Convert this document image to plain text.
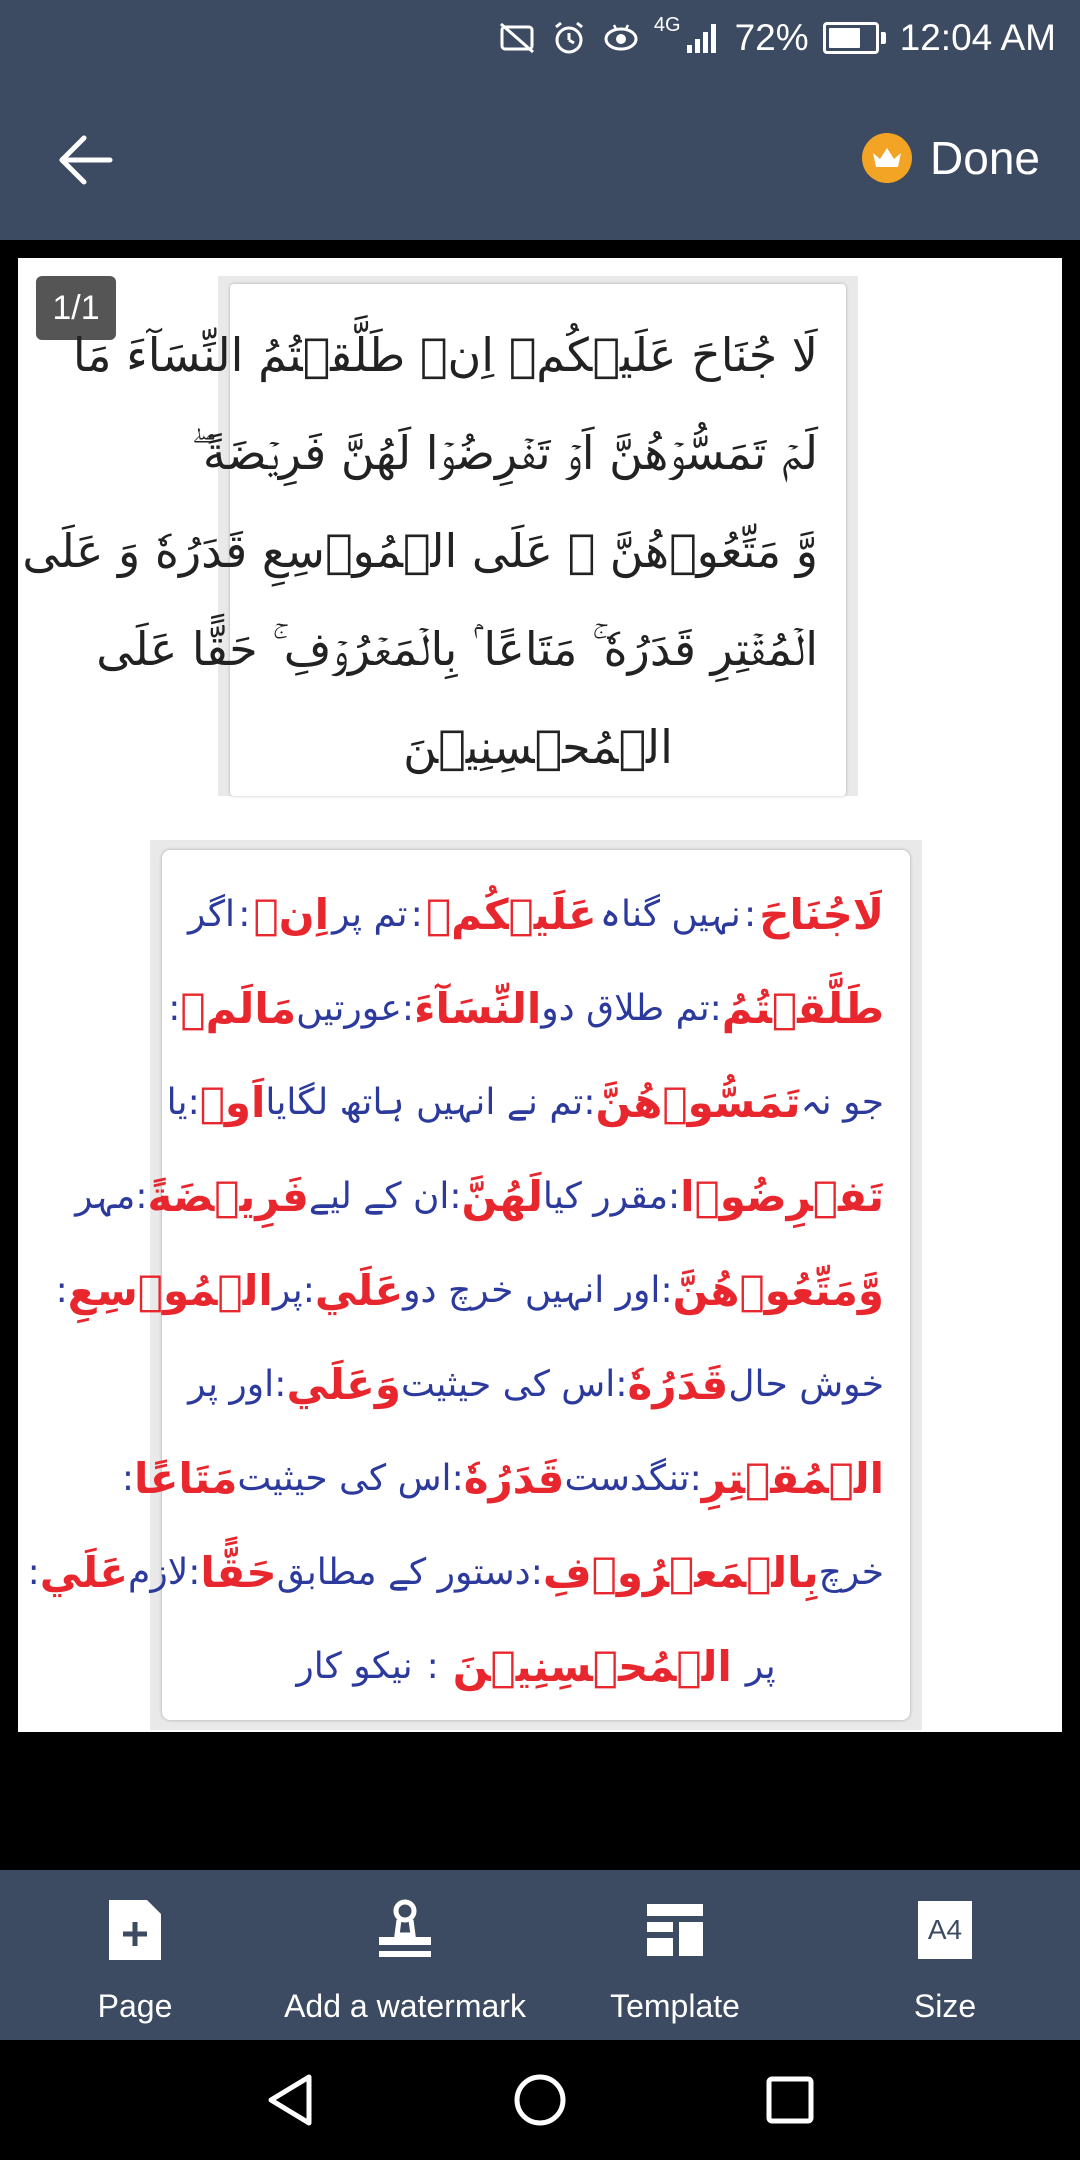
4G 72% 12:04 AM
Done
1/1
لَا جُنَاحَ عَلَيۡكُمۡ اِنۡ طَلَّقۡتُمُ النِّسَآءَ مَا
لَمۡ تَمَسُّوۡهُنَّ اَوۡ تَفۡرِضُوۡا لَهُنَّ فَرِيۡضَةً ۖ
وَّ مَتِّعُوۡهُنَّ ۚ عَلَى الۡمُوۡسِعِ قَدَرُهٗ وَ عَلَى
الۡمُقۡتِرِ قَدَرُهٗ ۚ مَتَاعًا ۢ بِالۡمَعۡرُوۡفِ ۚ حَقًّا عَلَى
الۡمُحۡسِنِيۡنَ
لَاجُنَاحَ
:
نہیں گناہ
عَلَيۡكُمۡ
:
تم پر
اِنۡ
:
اگر
طَلَّقۡتُمُ
:
تم طلاق دو
النِّسَآءَ
:
عورتیں
مَالَمۡ
:
جو نہ
تَمَسُّوۡهُنَّ
:
تم نے انہیں ہاتھ لگایا
اَوۡ
:
یا
تَفۡرِضُوۡا
:
مقرر کیا
لَهُنَّ
:
ان کے لیے
فَرِيۡضَةً
:
مہر
وَّمَتِّعُوۡهُنَّ
:
اور انہیں خرچ دو
عَلَي
:
پر
الۡمُوۡسِعِ
:
خوش حال
قَدَرُهٗ
:
اس کی حیثیت
وَعَلَي
:
اور پر
الۡمُقۡتِرِ
:
تنگدست
قَدَرُهٗ
:
اس کی حیثیت
مَتَاعًا
:
خرچ
بِالۡمَعۡرُوۡفِ
:
دستور کے مطابق
حَقًّا
:
لازم
عَلَي
:
پر
الۡمُحۡسِنِيۡنَ
:
نیکو کار
Page	Add a watermark	Template
A4
Size
